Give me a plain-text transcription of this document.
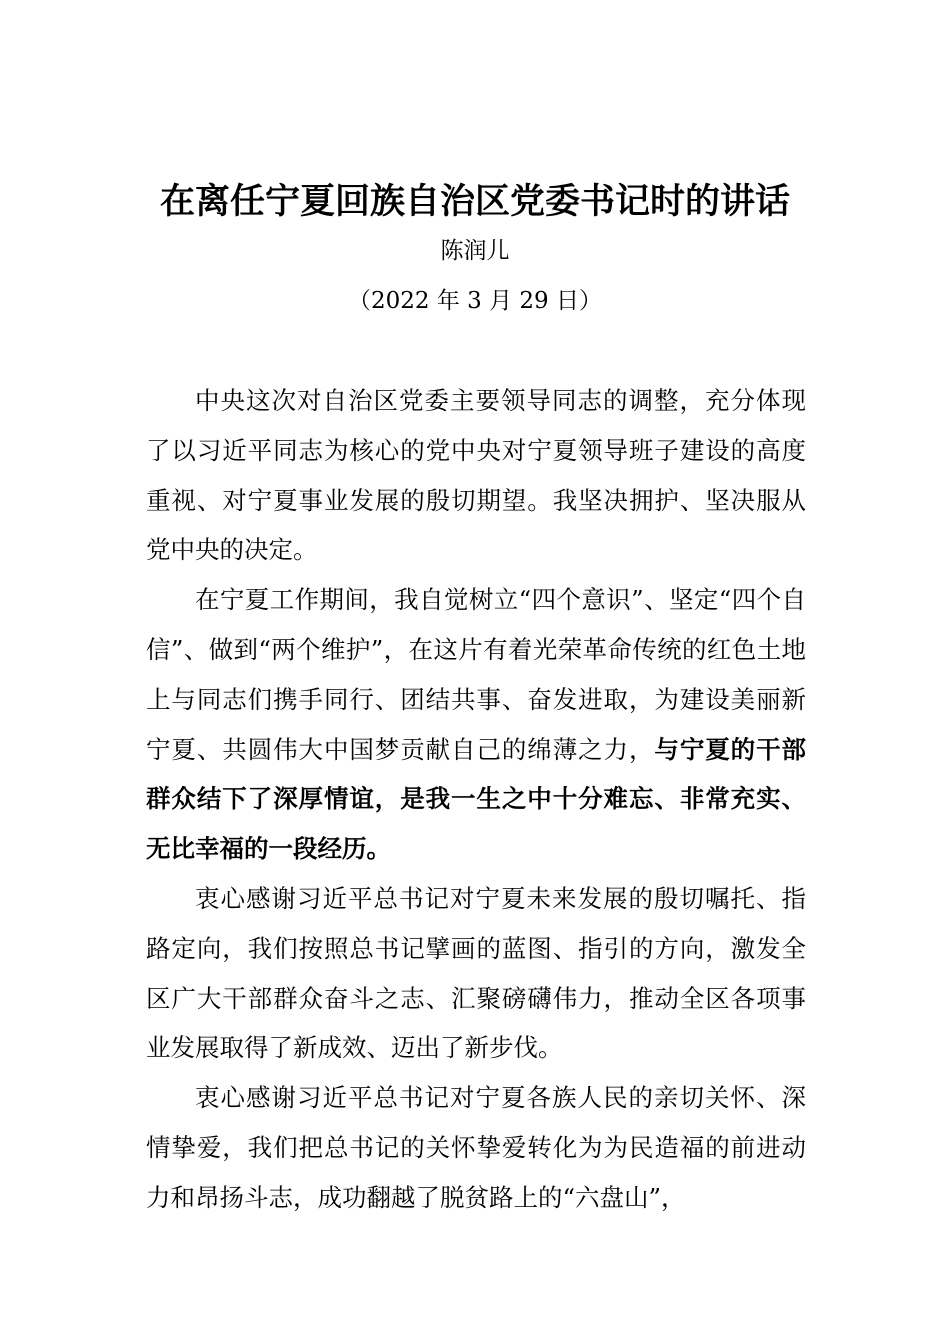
在离任宁夏回族自治区党委书记时的讲话
陈润儿
（2022 年 3 月 29 日）

中央这次对自治区党委主要领导同志的调整，充分体现了以习近平同志为核心的党中央对宁夏领导班子建设的高度重视、对宁夏事业发展的殷切期望。我坚决拥护、坚决服从党中央的决定。

在宁夏工作期间，我自觉树立“四个意识”、坚定“四个自信”、做到“两个维护”，在这片有着光荣革命传统的红色土地上与同志们携手同行、团结共事、奋发进取，为建设美丽新宁夏、共圆伟大中国梦贡献自己的绵薄之力，与宁夏的干部群众结下了深厚情谊，是我一生之中十分难忘、非常充实、无比幸福的一段经历。

衷心感谢习近平总书记对宁夏未来发展的殷切嘱托、指路定向，我们按照总书记擘画的蓝图、指引的方向，激发全区广大干部群众奋斗之志、汇聚磅礴伟力，推动全区各项事业发展取得了新成效、迈出了新步伐。

衷心感谢习近平总书记对宁夏各族人民的亲切关怀、深情挚爱，我们把总书记的关怀挚爱转化为为民造福的前进动力和昂扬斗志，成功翻越了脱贫路上的“六盘山”，
